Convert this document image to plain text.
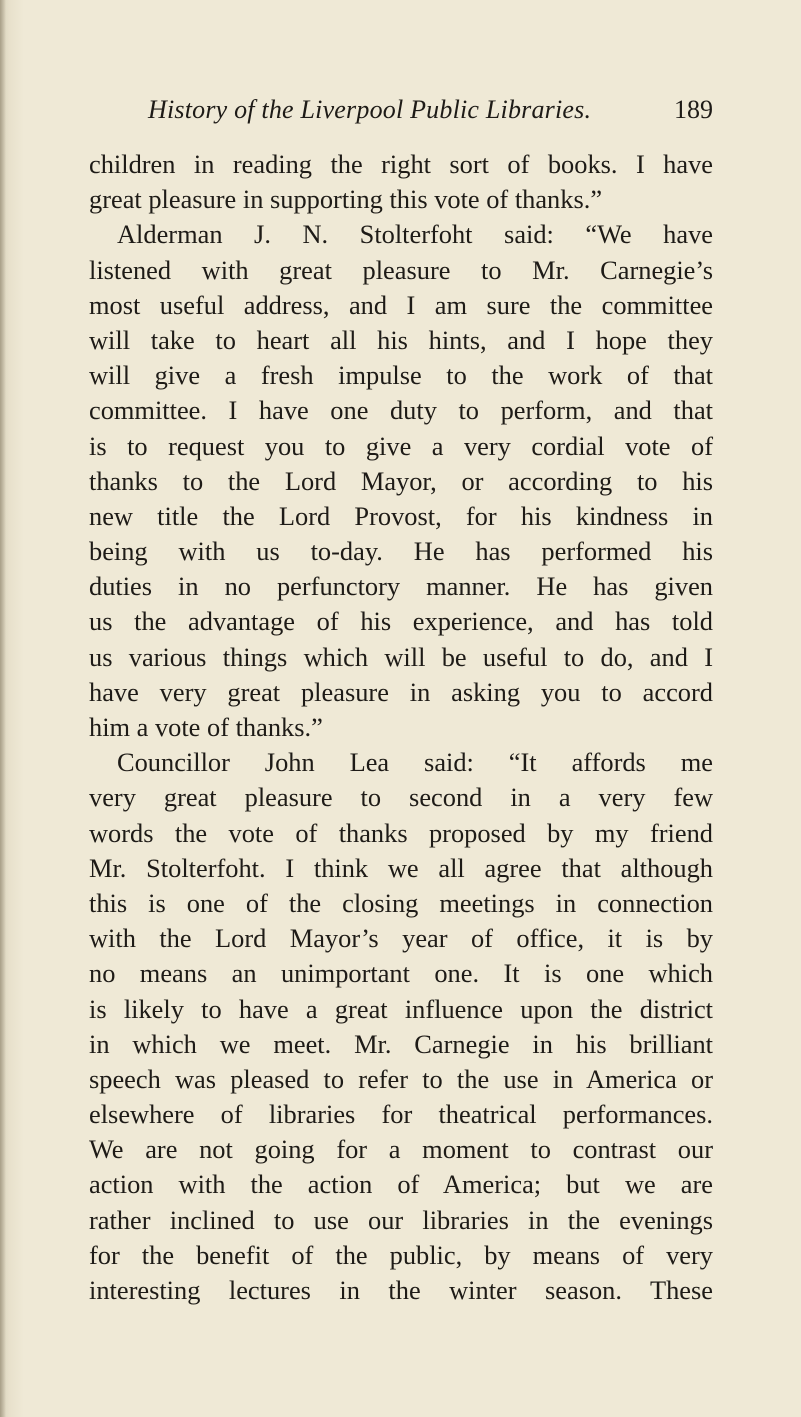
History of the Liverpool Public Libraries.	189
children in reading the right sort of books. I have
great pleasure in supporting this vote of thanks.”
Alderman J. N. Stolterfoht said: “We have
listened with great pleasure to Mr. Carnegie’s
most useful address, and I am sure the committee
will take to heart all his hints, and I hope they
will give a fresh impulse to the work of that
committee. I have one duty to perform, and that
is to request you to give a very cordial vote of
thanks to the Lord Mayor, or according to his
new title the Lord Provost, for his kindness in
being with us to-day. He has performed his
duties in no perfunctory manner. He has given
us the advantage of his experience, and has told
us various things which will be useful to do, and I
have very great pleasure in asking you to accord
him a vote of thanks.”
Councillor John Lea said: “It affords me
very great pleasure to second in a very few
words the vote of thanks proposed by my friend
Mr. Stolterfoht. I think we all agree that although
this is one of the closing meetings in connection
with the Lord Mayor’s year of office, it is by
no means an unimportant one. It is one which
is likely to have a great influence upon the district
in which we meet. Mr. Carnegie in his brilliant
speech was pleased to refer to the use in America or
elsewhere of libraries for theatrical performances.
We are not going for a moment to contrast our
action with the action of America; but we are
rather inclined to use our libraries in the evenings
for the benefit of the public, by means of very
interesting lectures in the winter season. These
